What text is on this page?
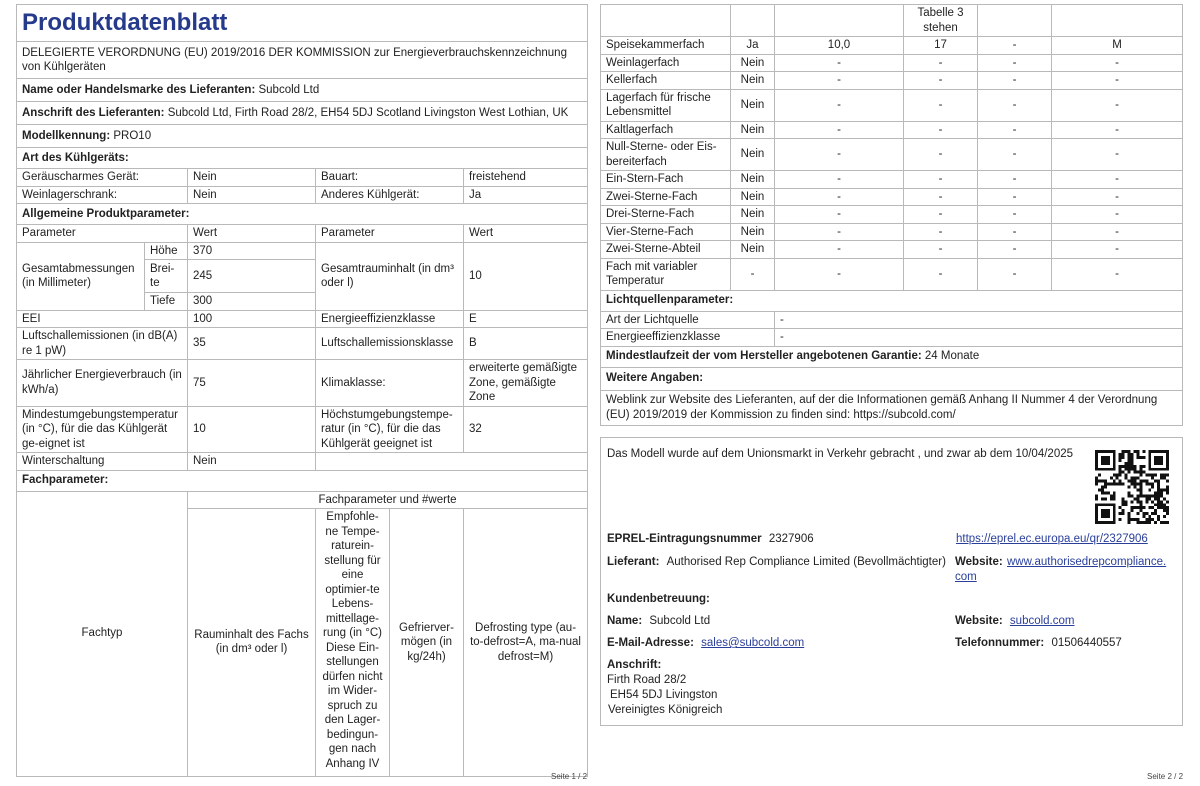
Produktdatenblatt					
DELEGIERTE VERORDNUNG (EU) 2019/2016 DER KOMMISSION zur Energieverbrauchskennzeichnung von Kühlgeräten					
Name oder Handelsmarke des Lieferanten: Subcold Ltd					
Anschrift des Lieferanten: Subcold Ltd, Firth Road 28/2, EH54 5DJ Scotland Livingston West Lothian, UK					
Modellkennung: PRO10					
Art des Kühlgeräts:					
Geräuscharmes Gerät:		Nein	Bauart:		freistehend
Weinlagerschrank:		Nein	Anderes Kühlgerät:		Ja
Allgemeine Produktparameter:					
Parameter		Wert	Parameter		Wert
Gesamtabmessungen (in Millimeter)	Höhe	370	Gesamtrauminhalt (in dm³ oder l)		10
	Brei-te	245			
	Tiefe	300			
EEI		100	Energieeffizienzklasse		E
Luftschallemissionen (in dB(A) re 1 pW)		35	Luftschallemissionsklasse		B
Jährlicher Energieverbrauch (in kWh/a)		75	Klimaklasse:		erweiterte gemäßigte Zone, gemäßigte Zone
Mindestumgebungstemperatur (in °C), für die das Kühlgerät ge-eignet ist		10	Höchstumgebungstempe-ratur (in °C), für die das Kühlgerät geeignet ist		32
Winterschaltung		Nein			
Fachparameter:					
Fachtyp		Fachparameter und #werte			
		Rauminhalt des Fachs (in dm³ oder l)	Empfohle-ne Tempe-raturein-stellung für eine optimier-te Lebens-mittellage-rung (in °C) Diese Ein-stellungen dürfen nicht im Wider-spruch zu den Lager-bedingun-gen nach Anhang IV	Gefrierver-mögen (in kg/24h)	Defrosting type (au-to-defrost=A, ma-nual defrost=M)
Seite 1 / 2
			Tabelle 3 stehen		
Speisekammerfach	Ja	10,0	17	-	M
Weinlagerfach	Nein	-	-	-	-
Kellerfach	Nein	-	-	-	-
Lagerfach für frische Lebensmittel	Nein	-	-	-	-
Kaltlagerfach	Nein	-	-	-	-
Null-Sterne- oder Eis-bereiterfach	Nein	-	-	-	-
Ein-Stern-Fach	Nein	-	-	-	-
Zwei-Sterne-Fach	Nein	-	-	-	-
Drei-Sterne-Fach	Nein	-	-	-	-
Vier-Sterne-Fach	Nein	-	-	-	-
Zwei-Sterne-Abteil	Nein	-	-	-	-
Fach mit variabler Temperatur	-	-	-	-	-
Lichtquellenparameter:					
Art der Lichtquelle		-			
Energieeffizienzklasse		-			
Mindestlaufzeit der vom Hersteller angebotenen Garantie: 24 Monate					
Weitere Angaben:					
Weblink zur Website des Lieferanten, auf der die Informationen gemäß Anhang II Nummer 4 der Verordnung (EU) 2019/2019 der Kommission zu finden sind: https://subcold.com/					
Das Modell wurde auf dem Unionsmarkt in Verkehr gebracht , und zwar ab dem 10/04/2025
EPREL-Eintragungsnummer 2327906	https://eprel.ec.europa.eu/qr/2327906
Lieferant: Authorised Rep Compliance Limited (Bevollmächtigter) Website: www.authorisedrepcompliance.
com
Kundenbetreuung:
Name: Subcold Ltd	Website: subcold.com
E-Mail-Adresse: sales@subcold.com	Telefonnummer: 01506440557
Anschrift:
Firth Road 28/2
EH54 5DJ Livingston
Vereinigtes Königreich
Seite 2 / 2
